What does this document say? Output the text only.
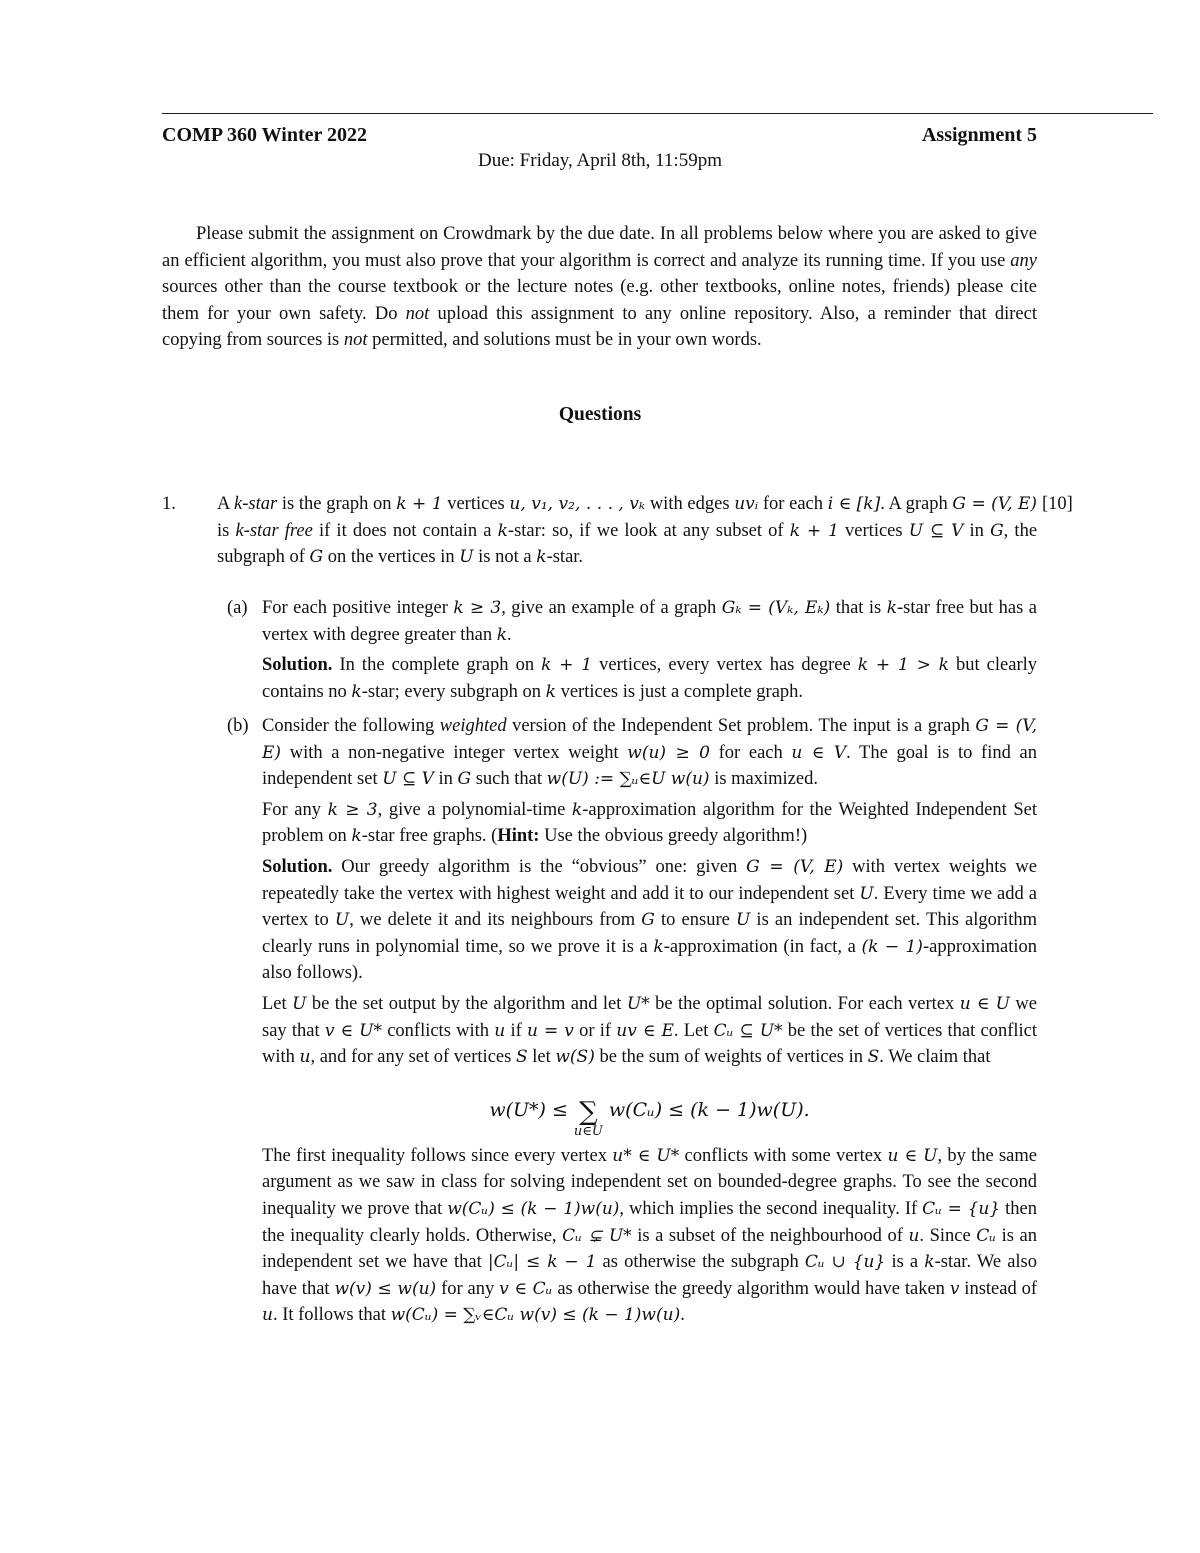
COMP 360 Winter 2022	Assignment 5
Due: Friday, April 8th, 11:59pm

Please submit the assignment on Crowdmark by the due date. In all problems below where you are asked to give an efficient algorithm, you must also prove that your algorithm is correct and analyze its running time. If you use any sources other than the course textbook or the lecture notes (e.g. other textbooks, online notes, friends) please cite them for your own safety. Do not upload this assignment to any online repository. Also, a reminder that direct copying from sources is not permitted, and solutions must be in your own words.

Questions
1.	[10]
A k-star is the graph on k + 1 vertices u, v₁, v₂, . . . , vₖ with edges uvᵢ for each i ∈ [k]. A graph G = (V, E) is k-star free if it does not contain a k-star: so, if we look at any subset of k + 1 vertices U ⊆ V in G, the subgraph of G on the vertices in U is not a k-star.
(a) For each positive integer k ≥ 3, give an example of a graph Gₖ = (Vₖ, Eₖ) that is k-star free but has a vertex with degree greater than k.

Solution. In the complete graph on k + 1 vertices, every vertex has degree k + 1 > k but clearly contains no k-star; every subgraph on k vertices is just a complete graph.

(b) Consider the following weighted version of the Independent Set problem. The input is a graph G = (V, E) with a non-negative integer vertex weight w(u) ≥ 0 for each u ∈ V. The goal is to find an independent set U ⊆ V in G such that w(U) := ∑ᵤ∈U w(u) is maximized.

For any k ≥ 3, give a polynomial-time k-approximation algorithm for the Weighted Independent Set problem on k-star free graphs. (Hint: Use the obvious greedy algorithm!)

Solution. Our greedy algorithm is the “obvious” one: given G = (V, E) with vertex weights we repeatedly take the vertex with highest weight and add it to our independent set U. Every time we add a vertex to U, we delete it and its neighbours from G to ensure U is an independent set. This algorithm clearly runs in polynomial time, so we prove it is a k-approximation (in fact, a (k − 1)-approximation also follows).

Let U be the set output by the algorithm and let U* be the optimal solution. For each vertex u ∈ U we say that v ∈ U* conflicts with u if u = v or if uv ∈ E. Let Cᵤ ⊆ U* be the set of vertices that conflict with u, and for any set of vertices S let w(S) be the sum of weights of vertices in S. We claim that

w(U*) ≤ ∑
u∈U
w(Cᵤ) ≤ (k − 1)w(U).

The first inequality follows since every vertex u* ∈ U* conflicts with some vertex u ∈ U, by the same argument as we saw in class for solving independent set on bounded-degree graphs. To see the second inequality we prove that w(Cᵤ) ≤ (k − 1)w(u), which implies the second inequality. If Cᵤ = {u} then the inequality clearly holds. Otherwise, Cᵤ ⊊ U* is a subset of the neighbourhood of u. Since Cᵤ is an independent set we have that |Cᵤ| ≤ k − 1 as otherwise the subgraph Cᵤ ∪ {u} is a k-star. We also have that w(v) ≤ w(u) for any v ∈ Cᵤ as otherwise the greedy algorithm would have taken v instead of u. It follows that w(Cᵤ) = ∑ᵥ∈Cᵤ w(v) ≤ (k − 1)w(u).
